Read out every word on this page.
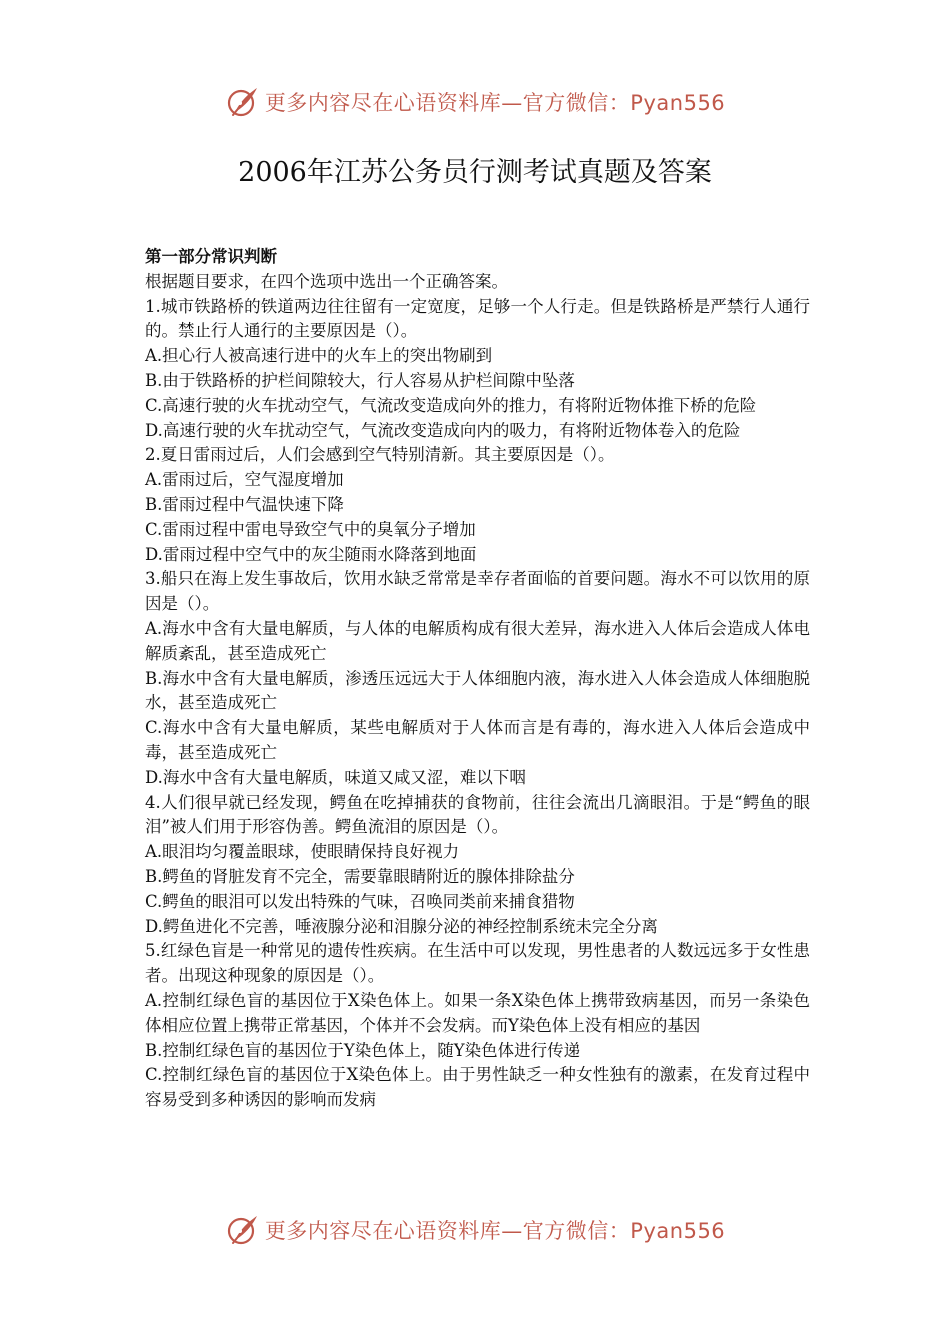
更多内容尽在心语资料库—官方微信：Pyan556
2006年江苏公务员行测考试真题及答案

第一部分常识判断

根据题目要求，在四个选项中选出一个正确答案。

1.城市铁路桥的铁道两边往往留有一定宽度，足够一个人行走。但是铁路桥是严禁行人通行的。禁止行人通行的主要原因是（）。

A.担心行人被高速行进中的火车上的突出物刷到

B.由于铁路桥的护栏间隙较大，行人容易从护栏间隙中坠落

C.高速行驶的火车扰动空气，气流改变造成向外的推力，有将附近物体推下桥的危险

D.高速行驶的火车扰动空气，气流改变造成向内的吸力，有将附近物体卷入的危险

2.夏日雷雨过后，人们会感到空气特别清新。其主要原因是（）。

A.雷雨过后，空气湿度增加

B.雷雨过程中气温快速下降

C.雷雨过程中雷电导致空气中的臭氧分子增加

D.雷雨过程中空气中的灰尘随雨水降落到地面

3.船只在海上发生事故后，饮用水缺乏常常是幸存者面临的首要问题。海水不可以饮用的原因是（）。

A.海水中含有大量电解质，与人体的电解质构成有很大差异，海水进入人体后会造成人体电解质紊乱，甚至造成死亡

B.海水中含有大量电解质，渗透压远远大于人体细胞内液，海水进入人体会造成人体细胞脱水，甚至造成死亡

C.海水中含有大量电解质，某些电解质对于人体而言是有毒的，海水进入人体后会造成中毒，甚至造成死亡

D.海水中含有大量电解质，味道又咸又涩，难以下咽

4.人们很早就已经发现，鳄鱼在吃掉捕获的食物前，往往会流出几滴眼泪。于是“鳄鱼的眼泪”被人们用于形容伪善。鳄鱼流泪的原因是（）。

A.眼泪均匀覆盖眼球，使眼睛保持良好视力

B.鳄鱼的肾脏发育不完全，需要靠眼睛附近的腺体排除盐分

C.鳄鱼的眼泪可以发出特殊的气味，召唤同类前来捕食猎物

D.鳄鱼进化不完善，唾液腺分泌和泪腺分泌的神经控制系统未完全分离

5.红绿色盲是一种常见的遗传性疾病。在生活中可以发现，男性患者的人数远远多于女性患者。出现这种现象的原因是（）。

A.控制红绿色盲的基因位于X染色体上。如果一条X染色体上携带致病基因，而另一条染色体相应位置上携带正常基因，个体并不会发病。而Y染色体上没有相应的基因

B.控制红绿色盲的基因位于Y染色体上，随Y染色体进行传递

C.控制红绿色盲的基因位于X染色体上。由于男性缺乏一种女性独有的激素，在发育过程中容易受到多种诱因的影响而发病

更多内容尽在心语资料库—官方微信：Pyan556
